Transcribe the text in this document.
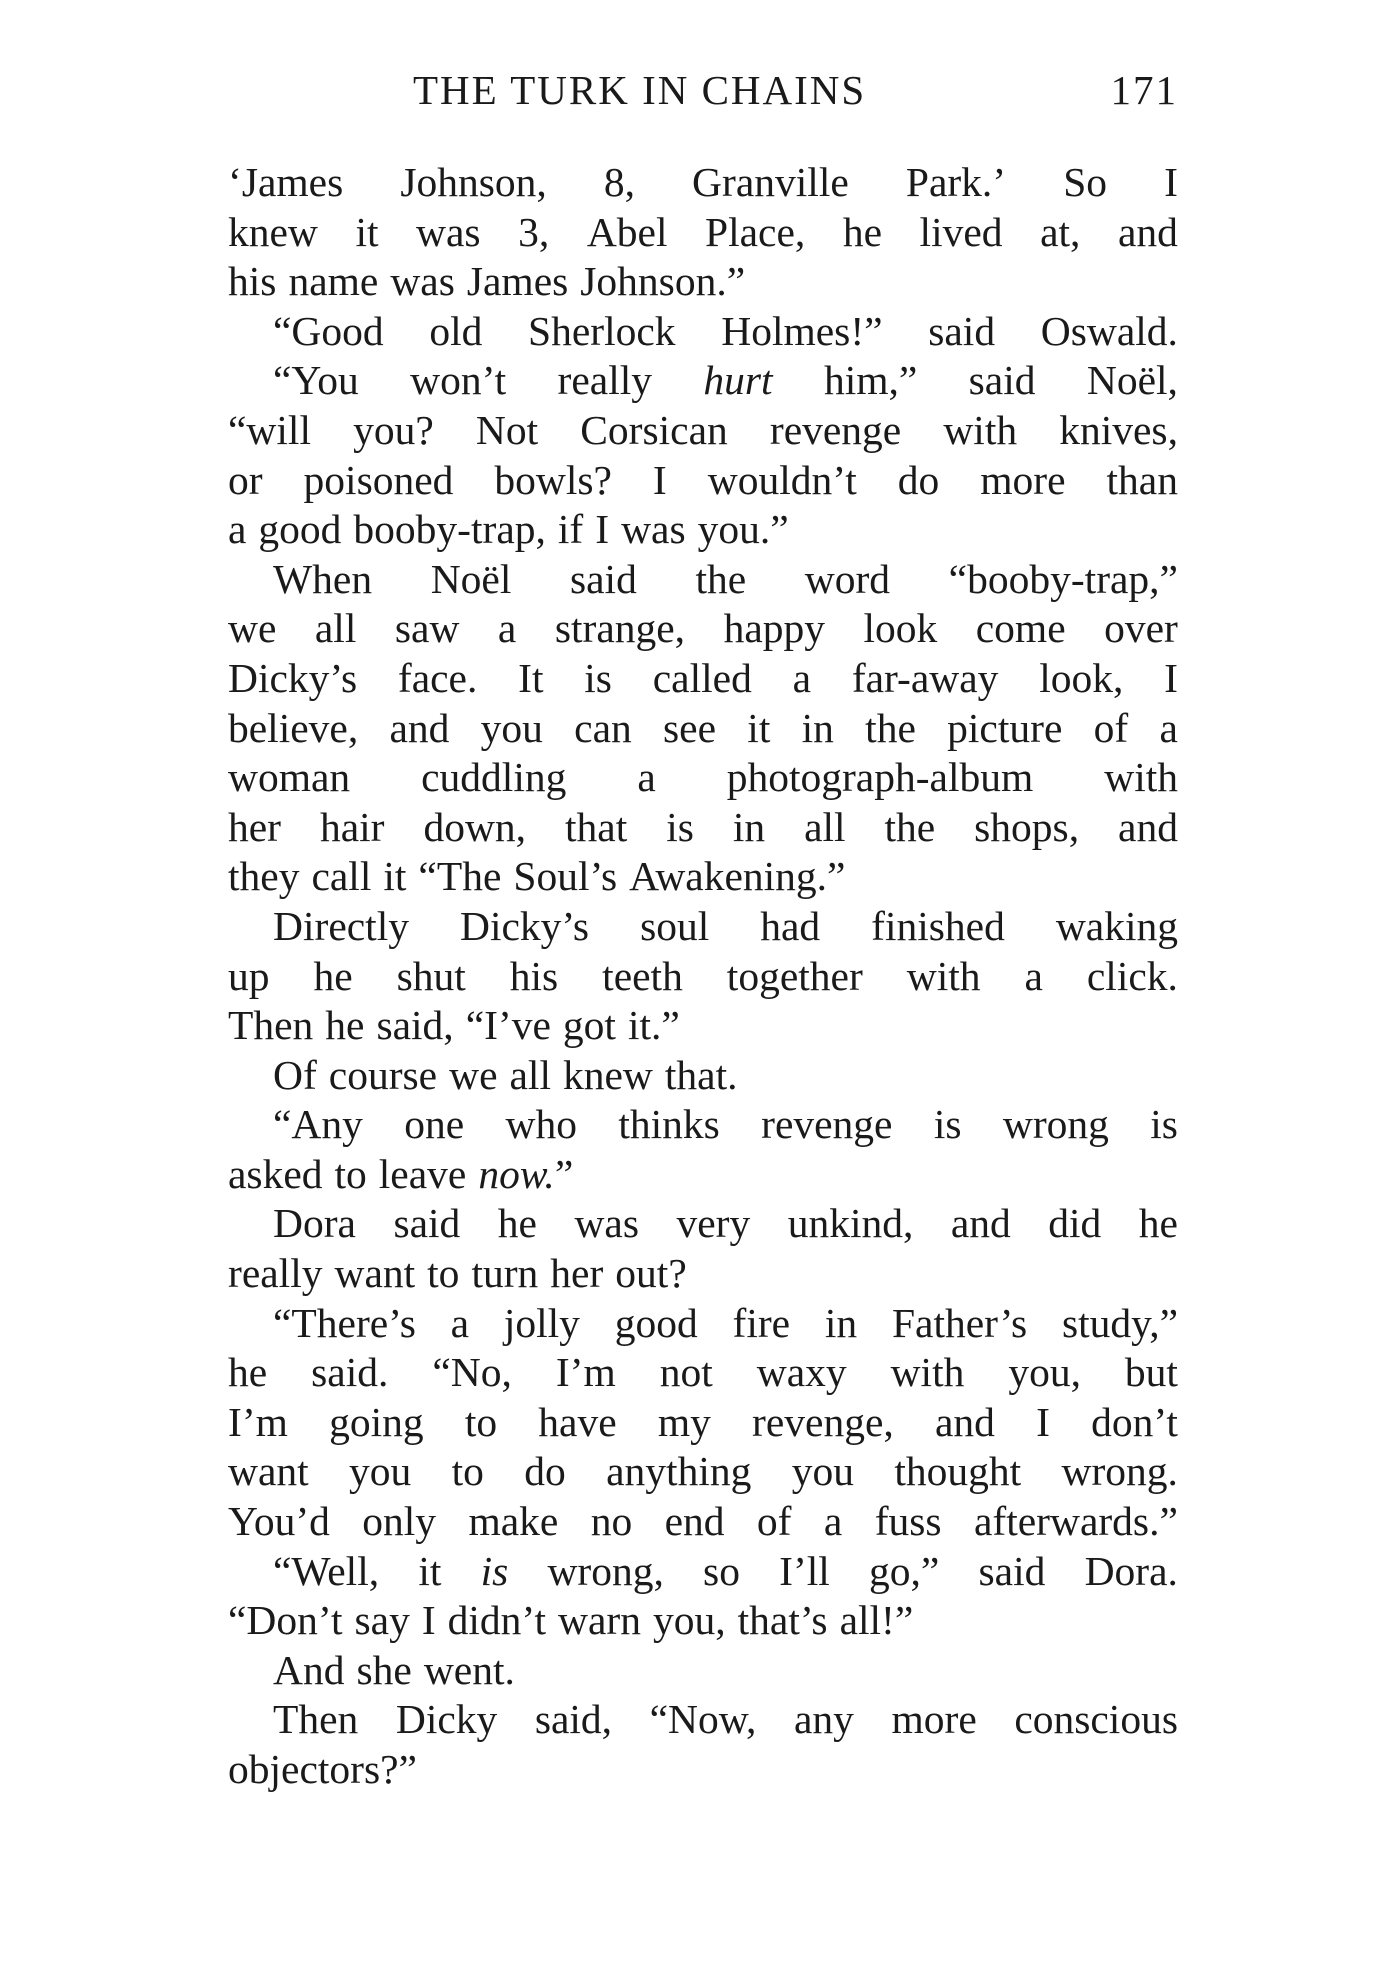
THE TURK IN CHAINS	171
‘James Johnson, 8, Granville Park.’ So I
knew it was 3, Abel Place, he lived at, and
his name was James Johnson.”
“Good old Sherlock Holmes!” said Oswald.
“You won’t really hurt him,” said Noël,
“will you? Not Corsican revenge with knives,
or poisoned bowls? I wouldn’t do more than
a good booby-trap, if I was you.”
When Noël said the word “booby-trap,”
we all saw a strange, happy look come over
Dicky’s face. It is called a far-away look, I
believe, and you can see it in the picture of a
woman cuddling a photograph-album with
her hair down, that is in all the shops, and
they call it “The Soul’s Awakening.”
Directly Dicky’s soul had finished waking
up he shut his teeth together with a click.
Then he said, “I’ve got it.”
Of course we all knew that.
“Any one who thinks revenge is wrong is
asked to leave now.”
Dora said he was very unkind, and did he
really want to turn her out?
“There’s a jolly good fire in Father’s study,”
he said. “No, I’m not waxy with you, but
I’m going to have my revenge, and I don’t
want you to do anything you thought wrong.
You’d only make no end of a fuss afterwards.”
“Well, it is wrong, so I’ll go,” said Dora.
“Don’t say I didn’t warn you, that’s all!”
And she went.
Then Dicky said, “Now, any more conscious
objectors?”
